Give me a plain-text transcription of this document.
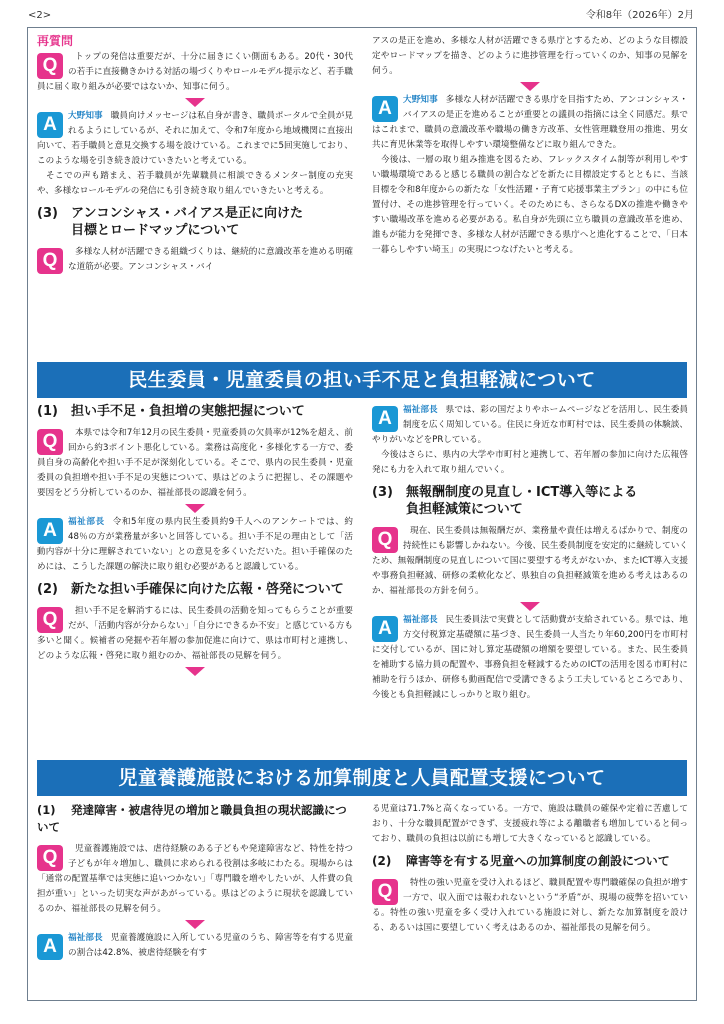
<2>	令和8年（2026年）2月
再質問
Q	トップの発信は重要だが、十分に届きにくい側面もある。20代・30代の若手に直接働きかける対話の場づくりやロールモデル提示など、若手職員に届く取り組みが必要ではないか、知事に伺う。

A	大野知事 職員向けメッセージは私自身が書き、職員ポータルで全員が見れるようにしているが、それに加えて、令和7年度から地域機関に直接出向いて、若手職員と意見交換する場を設けている。これまでに5回実施しており、このような場を引き続き設けていきたいと考えている。

そこでの声も踏まえ、若手職員が先輩職員に相談できるメンター制度の充実や、多様なロールモデルの発信にも引き続き取り組んでいきたいと考える。

(3) アンコンシャス・バイアス是正に向けた
目標とロードマップについて
Q	多様な人材が活躍できる組織づくりは、継続的に意識改革を進める明確な道筋が必要。アンコンシャス・バイ

アスの是正を進め、多様な人材が活躍できる県庁とするため、どのような目標設定やロードマップを描き、どのように進捗管理を行っていくのか、知事の見解を伺う。

A	大野知事 多様な人材が活躍できる県庁を目指すため、アンコンシャス・バイアスの是正を進めることが重要との議員の指摘には全く同感だ。県ではこれまで、職員の意識改革や職場の働き方改革、女性管理職登用の推進、男女共に育児休業等を取得しやすい環境整備などに取り組んできた。

今後は、一層の取り組み推進を図るため、フレックスタイム制等が利用しやすい職場環境であると感じる職員の割合などを新たに目標設定するとともに、当該目標を令和8年度からの新たな「女性活躍・子育て応援事業主プラン」の中にも位置付け、その進捗管理を行っていく。そのためにも、さらなるDXの推進や働きやすい職場改革を進める必要がある。私自身が先頭に立ち職員の意識改革を進め、誰もが能力を発揮でき、多様な人材が活躍できる県庁へと進化することで、「日本一暮らしやすい埼玉」の実現につなげたいと考える。

民生委員・児童委員の担い手不足と負担軽減について
(1) 担い手不足・負担増の実態把握について
Q	本県では令和7年12月の民生委員・児童委員の欠員率が12%を超え、前回から約3ポイント悪化している。業務は高度化・多様化する一方で、委員自身の高齢化や担い手不足が深刻化している。そこで、県内の民生委員・児童委員の負担増や担い手不足の実態について、県はどのように把握し、その課題や要因をどう分析しているのか、福祉部長の認識を伺う。

A	福祉部長 令和5年度の県内民生委員約9千人へのアンケートでは、約48％の方が業務量が多いと回答している。担い手不足の理由として「活動内容が十分に理解されていない」との意見を多くいただいた。担い手確保のためには、こうした課題の解決に取り組む必要があると認識している。

(2) 新たな担い手確保に向けた広報・啓発について
Q	担い手不足を解消するには、民生委員の活動を知ってもらうことが重要だが、「活動内容が分からない」「自分にできるか不安」と感じている方も多いと聞く。候補者の発掘や若年層の参加促進に向けて、県は市町村と連携し、どのような広報・啓発に取り組むのか、福祉部長の見解を伺う。

A	福祉部長 県では、彩の国だよりやホームページなどを活用し、民生委員制度を広く周知している。住民に身近な市町村では、民生委員の体験談、やりがいなどをPRしている。

今後はさらに、県内の大学や市町村と連携して、若年層の参加に向けた広報啓発にも力を入れて取り組んでいく。

(3) 無報酬制度の見直し・ICT導入等による
負担軽減策について
Q	現在、民生委員は無報酬だが、業務量や責任は増えるばかりで、制度の持続性にも影響しかねない。今後、民生委員制度を安定的に継続していくため、無報酬制度の見直しについて国に要望する考えがないか、またICT導入支援や事務負担軽減、研修の柔軟化など、県独自の負担軽減策を進める考えはあるのか、福祉部長の方針を伺う。

A	福祉部長 民生委員法で実費として活動費が支給されている。県では、地方交付税算定基礎額に基づき、民生委員一人当たり年60,200円を市町村に交付しているが、国に対し算定基礎額の増額を要望している。また、民生委員を補助する協力員の配置や、事務負担を軽減するためのICTの活用を図る市町村に補助を行うほか、研修も動画配信で受講できるよう工夫しているところであり、今後とも負担軽減にしっかりと取り組む。

児童養護施設における加算制度と人員配置支援について
(1) 発達障害・被虐待児の増加と職員負担の現状認識について
Q	児童養護施設では、虐待経験のある子どもや発達障害など、特性を持つ子どもが年々増加し、職員に求められる役割は多岐にわたる。現場からは「通常の配置基準では実態に追いつかない」「専門職を増やしたいが、人件費の負担が重い」といった切実な声があがっている。県はどのように現状を認識しているのか、福祉部長の見解を伺う。

A	福祉部長 児童養護施設に入所している児童のうち、障害等を有する児童の割合は42.8%、被虐待経験を有す

る児童は71.7%と高くなっている。一方で、施設は職員の確保や定着に苦慮しており、十分な職員配置ができず、支援疲れ等による離職者も増加していると伺っており、職員の負担は以前にも増して大きくなっていると認識している。

(2) 障害等を有する児童への加算制度の創設について
Q	特性の強い児童を受け入れるほど、職員配置や専門職確保の負担が増す一方で、収入面では報われないという“矛盾”が、現場の疲弊を招いている。特性の強い児童を多く受け入れている施設に対し、新たな加算制度を設ける、あるいは国に要望していく考えはあるのか、福祉部長の見解を伺う。
